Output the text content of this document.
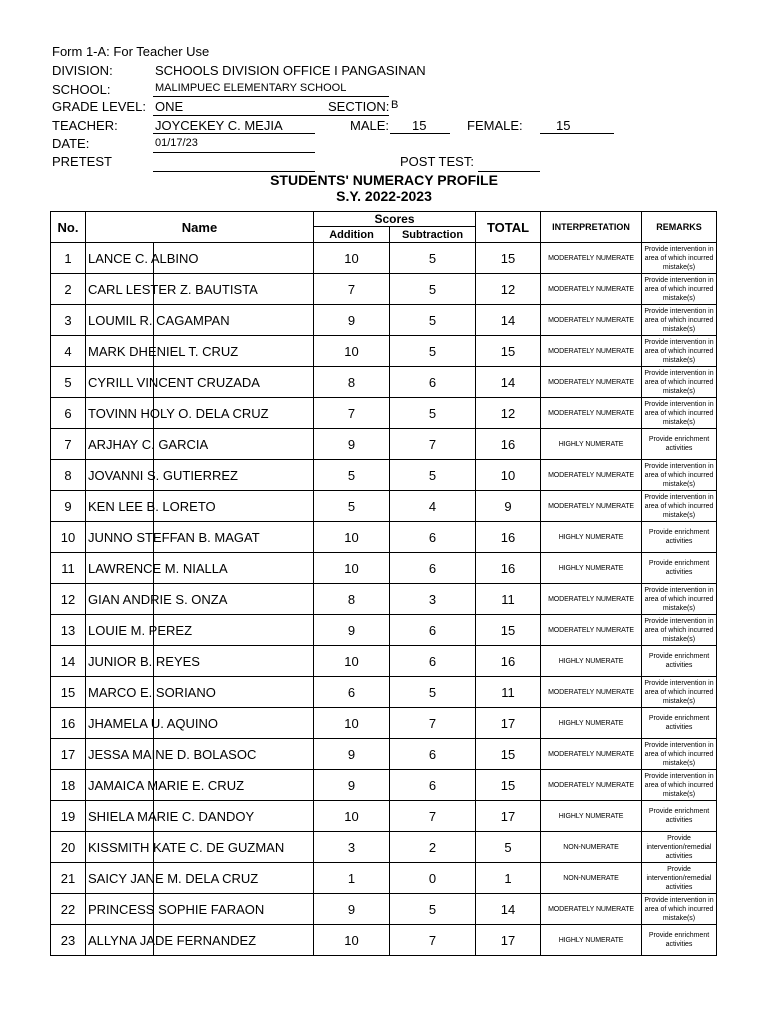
Form 1-A: For Teacher Use
DIVISION:	SCHOOLS DIVISION OFFICE I PANGASINAN
SCHOOL:	MALIMPUEC ELEMENTARY SCHOOL
GRADE LEVEL: ONE	SECTION: B
TEACHER:	JOYCEKEY C. MEJIA	MALE: 15	FEMALE:	15
DATE:	01/17/23
PRETEST	POST TEST:
STUDENTS' NUMERACY PROFILE
S.Y. 2022-2023
No.	Name	Scores		TOTAL	INTERPRETATION	REMARKS
		Addition	Subtraction			
1	LANCE C. ALBINO	10	5	15	MODERATELY NUMERATE	Provide intervention in area of which incurred mistake(s)
2	CARL LESTER Z. BAUTISTA	7	5	12	MODERATELY NUMERATE	Provide intervention in area of which incurred mistake(s)
3	LOUMIL R. CAGAMPAN	9	5	14	MODERATELY NUMERATE	Provide intervention in area of which incurred mistake(s)
4	MARK DHENIEL T. CRUZ	10	5	15	MODERATELY NUMERATE	Provide intervention in area of which incurred mistake(s)
5	CYRILL VINCENT CRUZADA	8	6	14	MODERATELY NUMERATE	Provide intervention in area of which incurred mistake(s)
6	TOVINN HOLY O. DELA CRUZ	7	5	12	MODERATELY NUMERATE	Provide intervention in area of which incurred mistake(s)
7	ARJHAY C. GARCIA	9	7	16	HIGHLY NUMERATE	Provide enrichment activities
8	JOVANNI S. GUTIERREZ	5	5	10	MODERATELY NUMERATE	Provide intervention in area of which incurred mistake(s)
9	KEN LEE B. LORETO	5	4	9	MODERATELY NUMERATE	Provide intervention in area of which incurred mistake(s)
10	JUNNO STEFFAN B. MAGAT	10	6	16	HIGHLY NUMERATE	Provide enrichment activities
11	LAWRENCE M. NIALLA	10	6	16	HIGHLY NUMERATE	Provide enrichment activities
12	GIAN ANDRIE S. ONZA	8	3	11	MODERATELY NUMERATE	Provide intervention in area of which incurred mistake(s)
13	LOUIE M. PEREZ	9	6	15	MODERATELY NUMERATE	Provide intervention in area of which incurred mistake(s)
14	JUNIOR B. REYES	10	6	16	HIGHLY NUMERATE	Provide enrichment activities
15	MARCO E. SORIANO	6	5	11	MODERATELY NUMERATE	Provide intervention in area of which incurred mistake(s)
16	JHAMELA U. AQUINO	10	7	17	HIGHLY NUMERATE	Provide enrichment activities
17	JESSA MAINE D. BOLASOC	9	6	15	MODERATELY NUMERATE	Provide intervention in area of which incurred mistake(s)
18	JAMAICA MARIE E. CRUZ	9	6	15	MODERATELY NUMERATE	Provide intervention in area of which incurred mistake(s)
19	SHIELA MARIE C. DANDOY	10	7	17	HIGHLY NUMERATE	Provide enrichment activities
20	KISSMITH KATE C. DE GUZMAN	3	2	5	NON-NUMERATE	Provide intervention/remedial activities
21	SAICY JANE M. DELA CRUZ	1	0	1	NON-NUMERATE	Provide intervention/remedial activities
22	PRINCESS SOPHIE FARAON	9	5	14	MODERATELY NUMERATE	Provide intervention in area of which incurred mistake(s)
23	ALLYNA JADE FERNANDEZ	10	7	17	HIGHLY NUMERATE	Provide enrichment activities
